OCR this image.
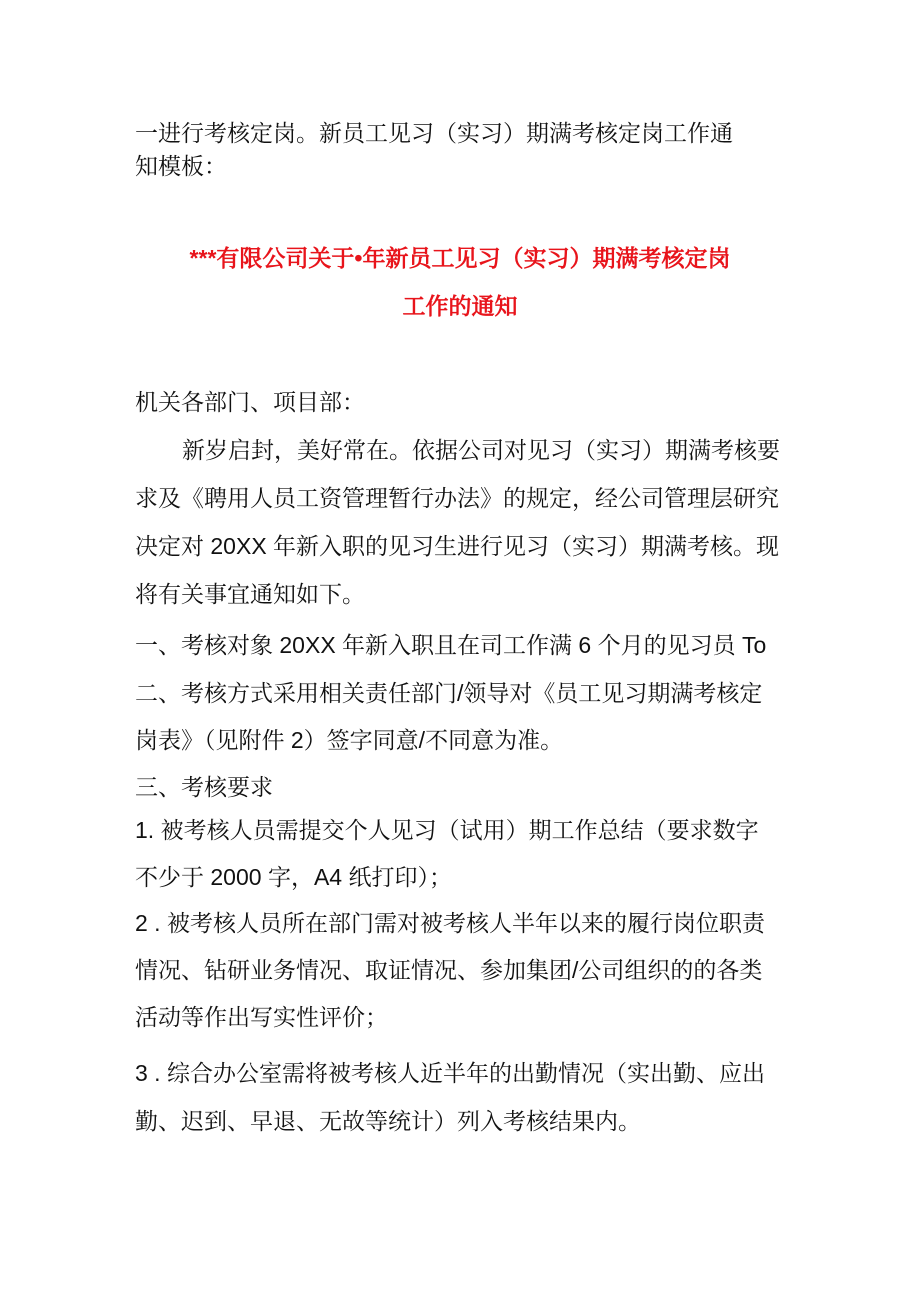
一进行考核定岗。新员工见习（实习）期满考核定岗工作通
知模板：
***有限公司关于•年新员工见习（实习）期满考核定岗
工作的通知
机关各部门、项目部：
新岁启封，美好常在。依据公司对见习（实习）期满考核要
求及《聘用人员工资管理暂行办法》的规定，经公司管理层研究
决定对 20XX 年新入职的见习生进行见习（实习）期满考核。现
将有关事宜通知如下。
一、考核对象 20XX 年新入职且在司工作满 6 个月的见习员 To
二、考核方式采用相关责任部门/领导对《员工见习期满考核定
岗表》（见附件 2）签字同意/不同意为准。
三、考核要求
1. 被考核人员需提交个人见习（试用）期工作总结（要求数字
不少于 2000 字，A4 纸打印）；
2 . 被考核人员所在部门需对被考核人半年以来的履行岗位职责
情况、钻研业务情况、取证情况、参加集团/公司组织的的各类
活动等作出写实性评价；
3 . 综合办公室需将被考核人近半年的出勤情况（实出勤、应出
勤、迟到、早退、无故等统计）列入考核结果内。
